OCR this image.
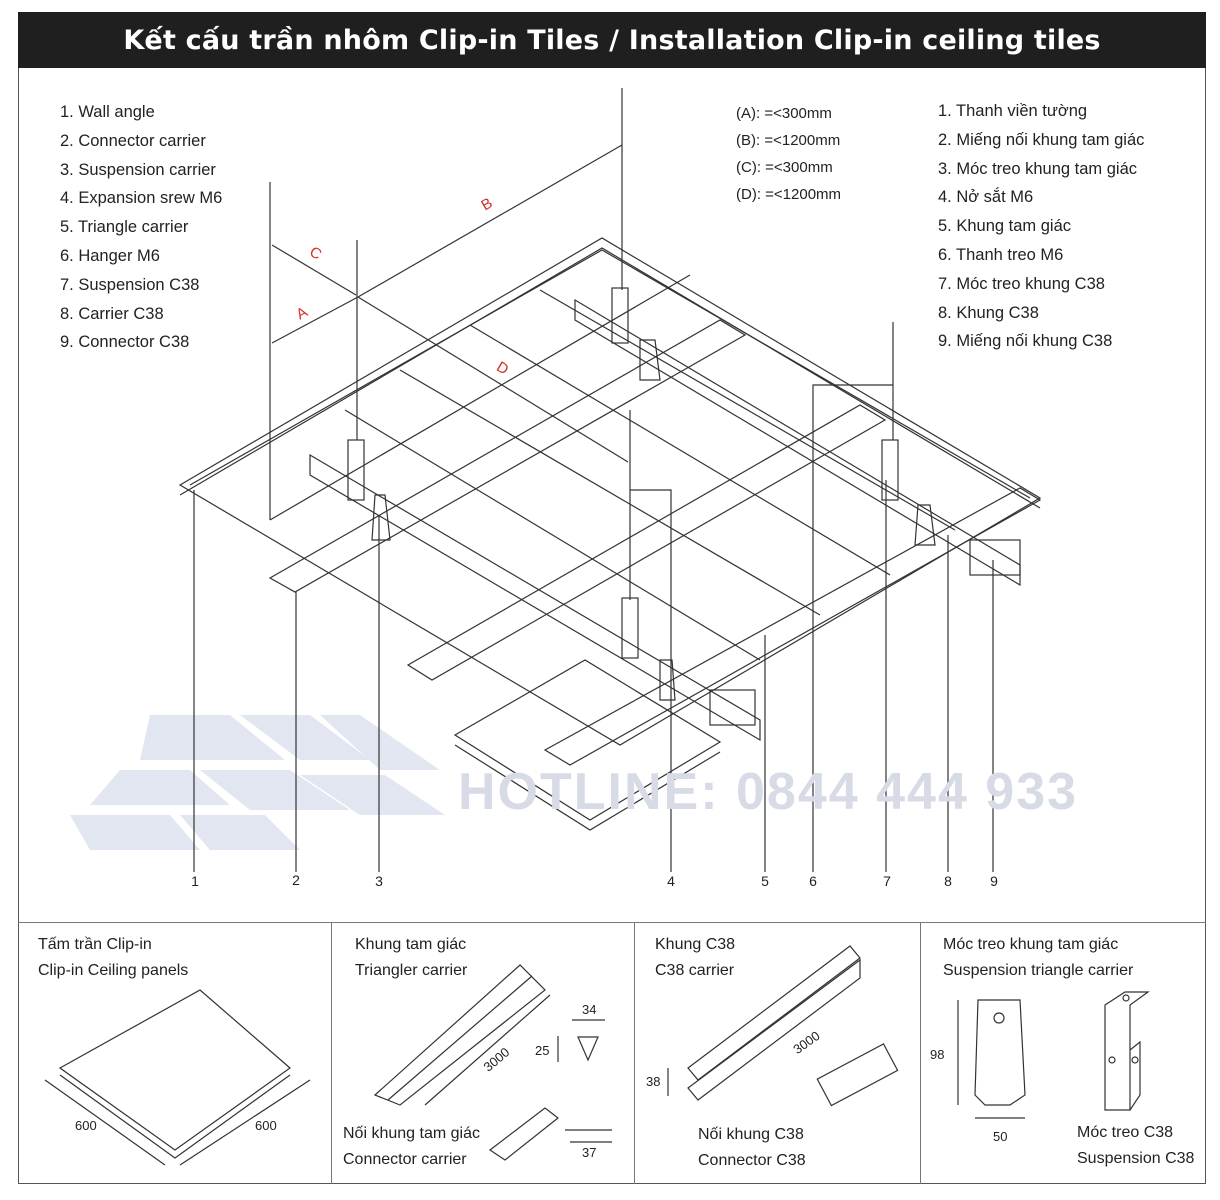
Kết cấu trần nhôm Clip-in Tiles / Installation Clip-in ceiling tiles
B
C
A
D
1. Wall angle
2. Connector carrier
3. Suspension carrier
4. Expansion srew M6
5. Triangle carrier
6. Hanger M6
7. Suspension C38
8. Carrier C38
9. Connector C38
(A): =<300mm
(B): =<1200mm
(C): =<300mm
(D): =<1200mm
1. Thanh viền tường
2. Miếng nối khung tam giác
3. Móc treo khung tam giác
4. Nở sắt M6
5. Khung tam giác
6. Thanh treo M6
7. Móc treo khung C38
8. Khung C38
9. Miếng nối khung C38
1	2	3	4	5	6	7	8	9
HOTLINE: 0844 444 933
Tấm trần Clip-in
Clip-in Ceiling panels
600	600
Khung tam giác
Triangler carrier
3000
34
25
Nối khung tam giác
Connector carrier	37
Khung C38
C38 carrier
3000
38
Nối khung C38
Connector C38
Móc treo khung tam giác
Suspension triangle carrier
98
50	Móc treo C38
Suspension C38
